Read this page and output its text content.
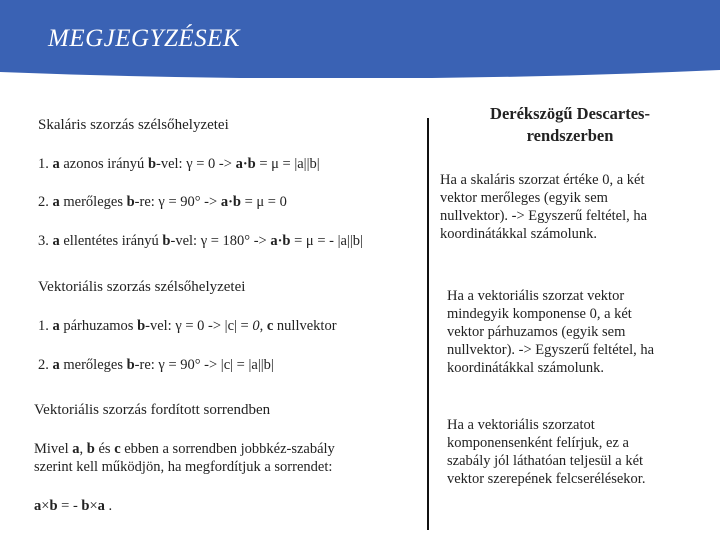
MEGJEGYZÉSEK
Skaláris szorzás szélsőhelyzetei
1. a azonos irányú b-vel: γ = 0 -> a·b = μ = |a||b|
2. a merőleges b-re: γ = 90° -> a·b = μ = 0
3. a ellentétes irányú b-vel: γ = 180° -> a·b = μ = - |a||b|
Vektoriális szorzás szélsőhelyzetei
1. a párhuzamos b-vel: γ = 0 -> |c| = 0, c nullvektor
2. a merőleges b-re: γ = 90° -> |c| = |a||b|
Vektoriális szorzás fordított sorrendben
Mivel a, b és c ebben a sorrendben jobbkéz-szabály
szerint kell működjön, ha megfordítjuk a sorrendet:
a×b = - b×a .
Derékszögű Descartes-
rendszerben
Ha a skaláris szorzat értéke 0, a két
vektor merőleges (egyik sem
nullvektor). -> Egyszerű feltétel, ha
koordinátákkal számolunk.
Ha a vektoriális szorzat vektor
mindegyik komponense 0, a két
vektor párhuzamos (egyik sem
nullvektor). -> Egyszerű feltétel, ha
koordinátákkal számolunk.
Ha a vektoriális szorzatot
komponensenként felírjuk, ez a
szabály jól láthatóan teljesül a két
vektor szerepének felcserélésekor.
